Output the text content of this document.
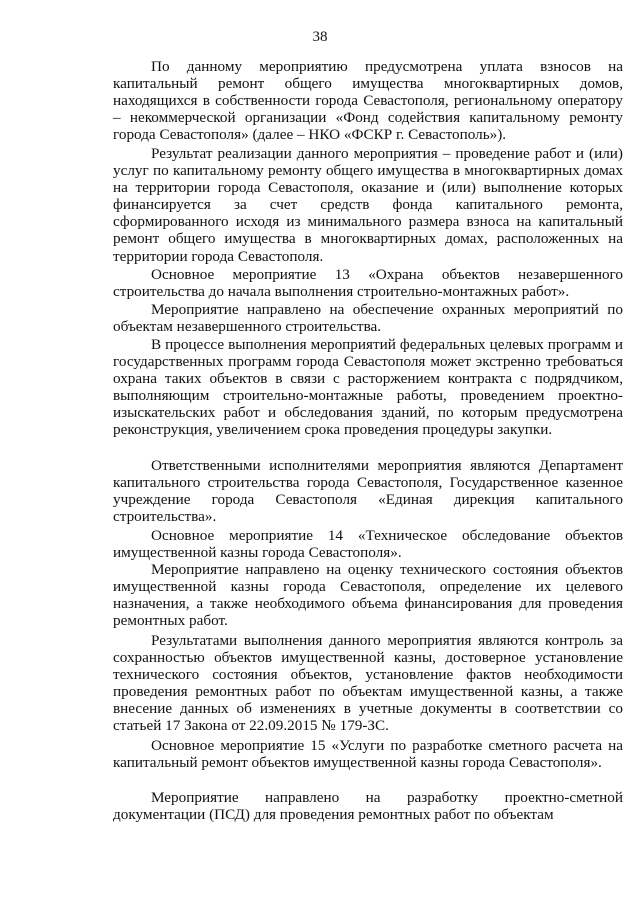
38

По данному мероприятию предусмотрена уплата взносов на капитальный ремонт общего имущества многоквартирных домов, находящихся в собственности города Севастополя, региональному оператору – некоммерческой организации «Фонд содействия капитальному ремонту города Севастополя» (далее – НКО «ФСКР г. Севастополь»).

Результат реализации данного мероприятия – проведение работ и (или) услуг по капитальному ремонту общего имущества в многоквартирных домах на территории города Севастополя, оказание и (или) выполнение которых финансируется за счет средств фонда капитального ремонта, сформированного исходя из минимального размера взноса на капитальный ремонт общего имущества в многоквартирных домах, расположенных на территории города Севастополя.

Основное мероприятие 13 «Охрана объектов незавершенного строительства до начала выполнения строительно-монтажных работ».

Мероприятие направлено на обеспечение охранных мероприятий по объектам незавершенного строительства.

В процессе выполнения мероприятий федеральных целевых программ и государственных программ города Севастополя может экстренно требоваться охрана таких объектов в связи с расторжением контракта с подрядчиком, выполняющим строительно-монтажные работы, проведением проектно-изыскательских работ и обследования зданий, по которым предусмотрена реконструкция, увеличением срока проведения процедуры закупки.

Ответственными исполнителями мероприятия являются Департамент капитального строительства города Севастополя, Государственное казенное учреждение города Севастополя «Единая дирекция капитального строительства».

Основное мероприятие 14 «Техническое обследование объектов имущественной казны города Севастополя».

Мероприятие направлено на оценку технического состояния объектов имущественной казны города Севастополя, определение их целевого назначения, а также необходимого объема финансирования для проведения ремонтных работ.

Результатами выполнения данного мероприятия являются контроль за сохранностью объектов имущественной казны, достоверное установление технического состояния объектов, установление фактов необходимости проведения ремонтных работ по объектам имущественной казны, а также внесение данных об изменениях в учетные документы в соответствии со статьей 17 Закона от 22.09.2015 № 179-ЗС.

Основное мероприятие 15 «Услуги по разработке сметного расчета на капитальный ремонт объектов имущественной казны города Севастополя».

Мероприятие направлено на разработку проектно-сметной документации (ПСД) для проведения ремонтных работ по объектам
